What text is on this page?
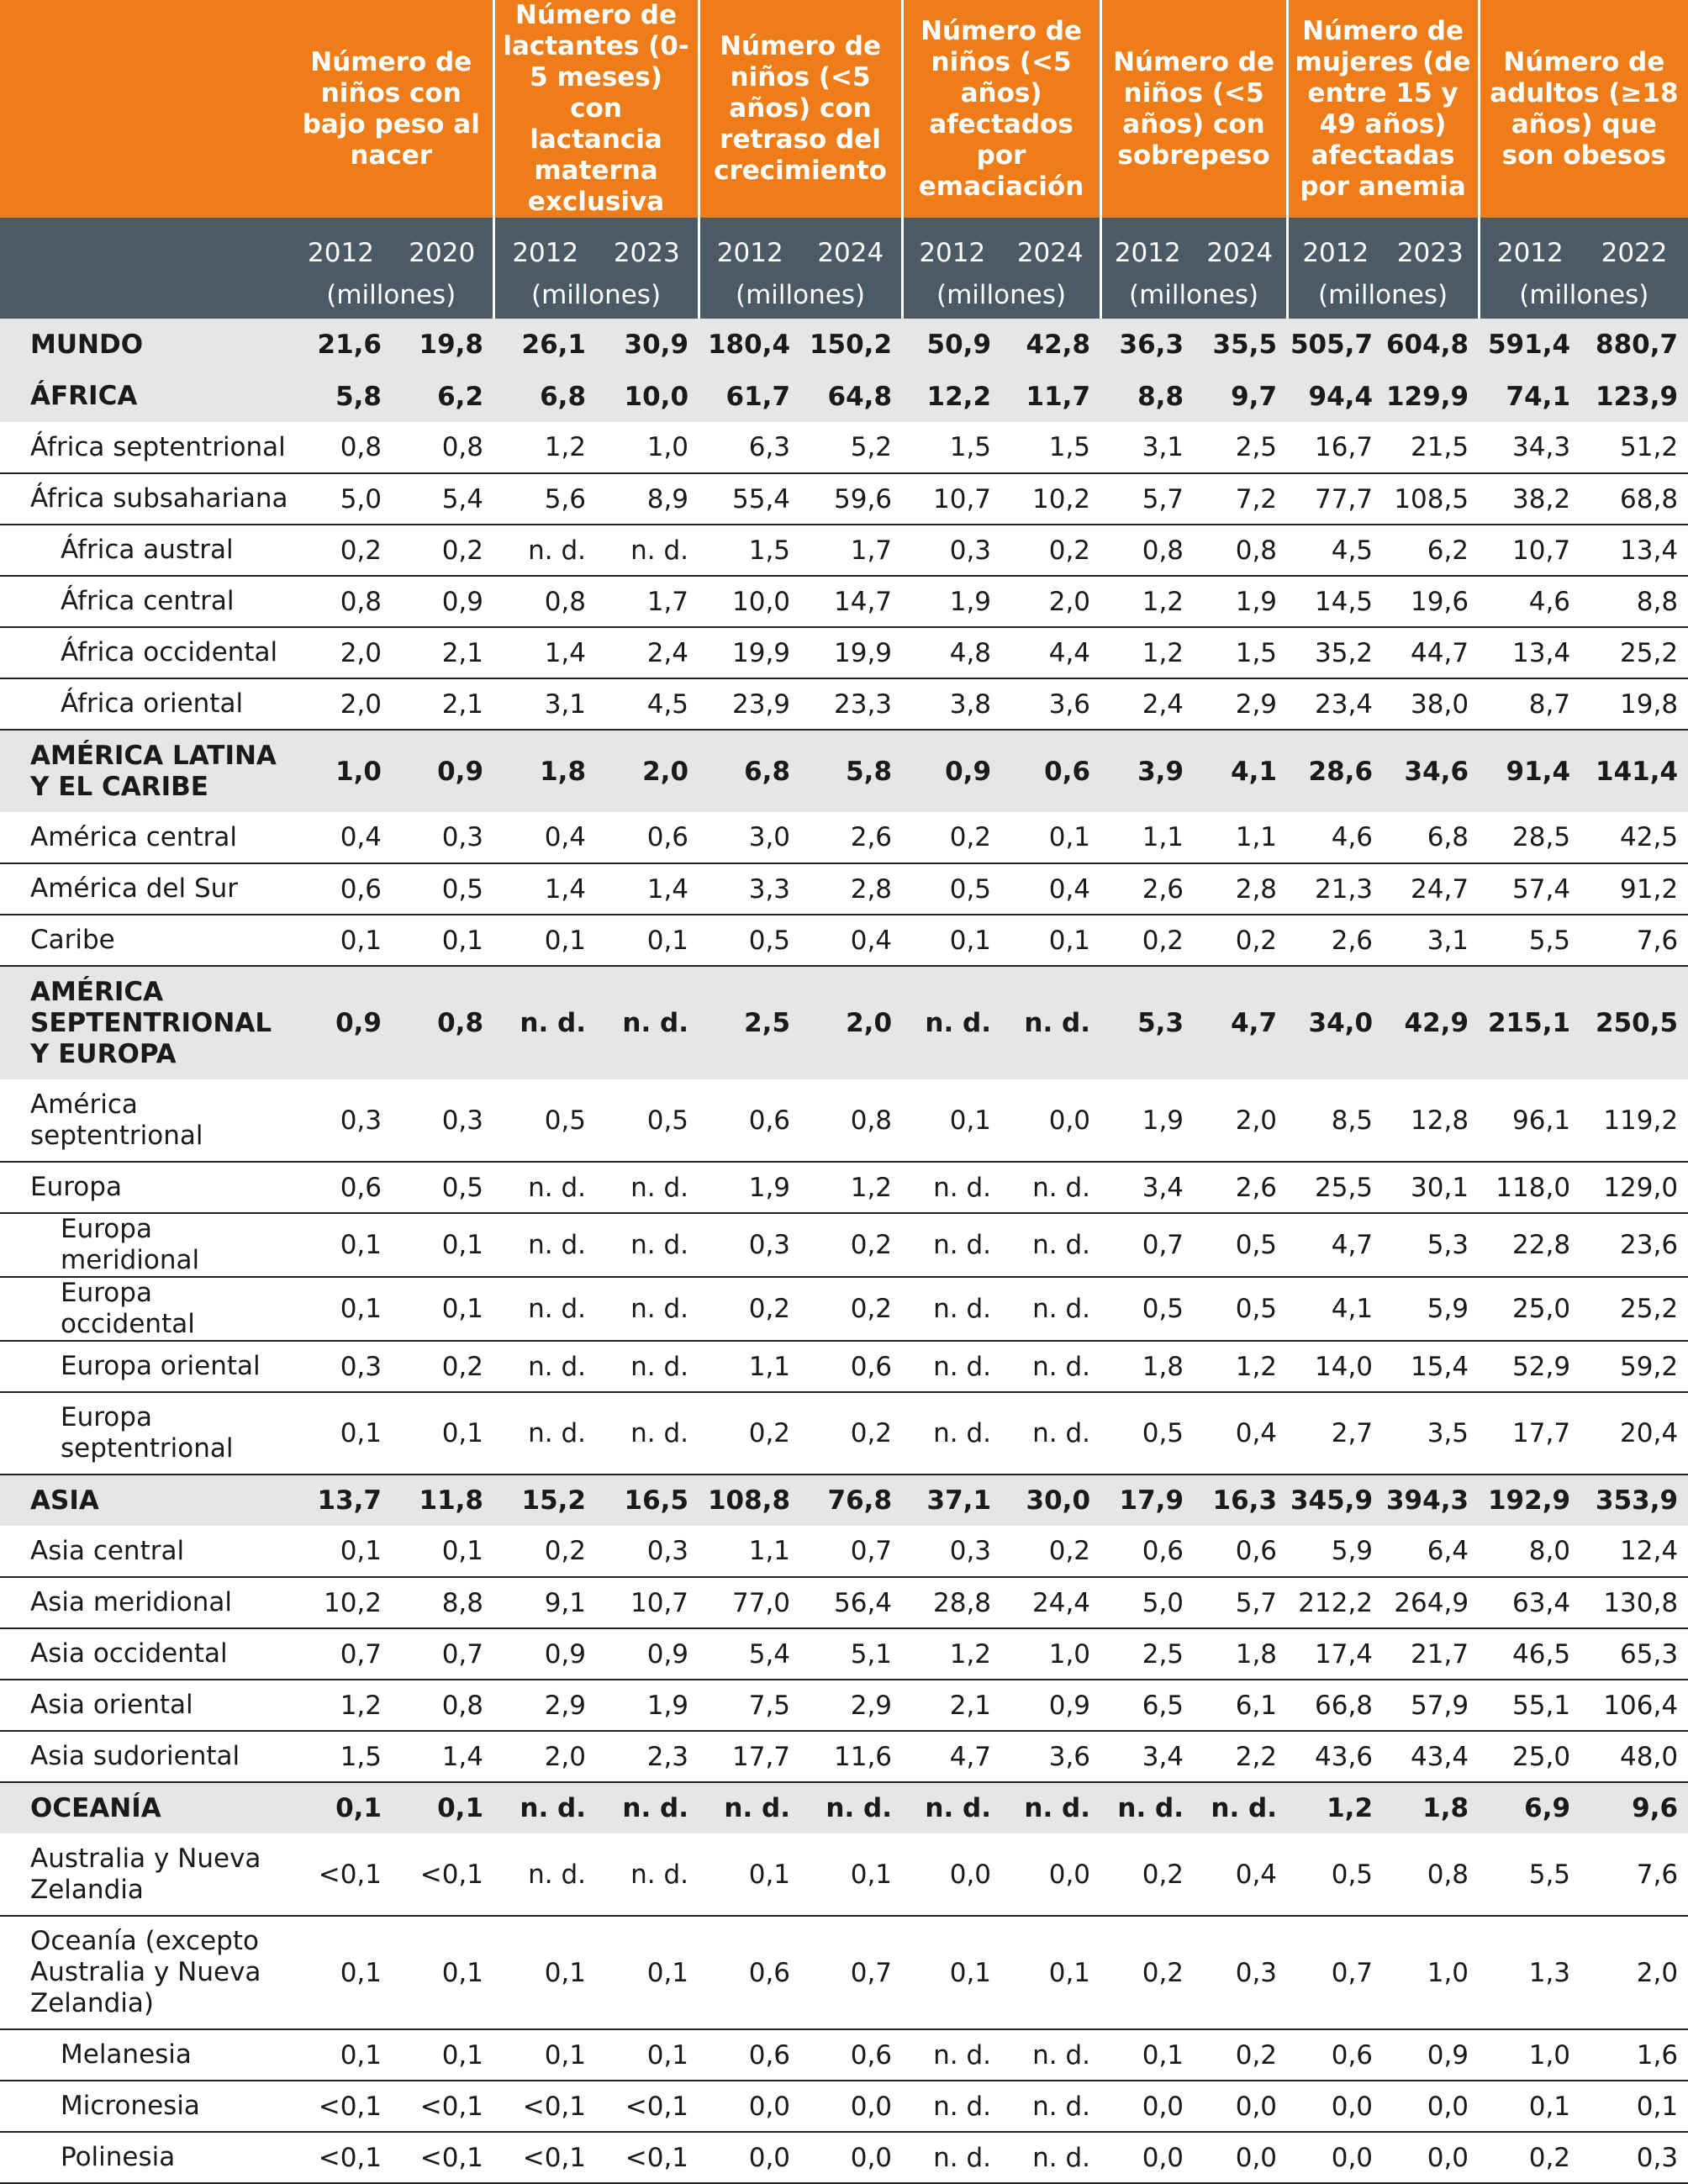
	Número de niños con bajo peso al nacer		Número de lactantes (0-5 meses) con lactancia materna exclusiva		Número de niños (<5 años) con retraso del crecimiento		Número de niños (<5 años) afectados por emaciación		Número de niños (<5 años) con sobrepeso		Número de mujeres (de entre 15 y 49 años) afectadas por anemia		Número de adultos (≥18 años) que son obesos	
	2012	2020	2012	2023	2012	2024	2012	2024	2012	2024	2012	2023	2012	2022
	(millones)		(millones)		(millones)		(millones)		(millones)		(millones)		(millones)	
MUNDO	21,6	19,8	26,1	30,9	180,4	150,2	50,9	42,8	36,3	35,5	505,7	604,8	591,4	880,7
ÁFRICA	5,8	6,2	6,8	10,0	61,7	64,8	12,2	11,7	8,8	9,7	94,4	129,9	74,1	123,9
África septentrional	0,8	0,8	1,2	1,0	6,3	5,2	1,5	1,5	3,1	2,5	16,7	21,5	34,3	51,2
África subsahariana	5,0	5,4	5,6	8,9	55,4	59,6	10,7	10,2	5,7	7,2	77,7	108,5	38,2	68,8
África austral	0,2	0,2	n. d.	n. d.	1,5	1,7	0,3	0,2	0,8	0,8	4,5	6,2	10,7	13,4
África central	0,8	0,9	0,8	1,7	10,0	14,7	1,9	2,0	1,2	1,9	14,5	19,6	4,6	8,8
África occidental	2,0	2,1	1,4	2,4	19,9	19,9	4,8	4,4	1,2	1,5	35,2	44,7	13,4	25,2
África oriental	2,0	2,1	3,1	4,5	23,9	23,3	3,8	3,6	2,4	2,9	23,4	38,0	8,7	19,8
AMÉRICA LATINA
Y EL CARIBE	1,0	0,9	1,8	2,0	6,8	5,8	0,9	0,6	3,9	4,1	28,6	34,6	91,4	141,4
América central	0,4	0,3	0,4	0,6	3,0	2,6	0,2	0,1	1,1	1,1	4,6	6,8	28,5	42,5
América del Sur	0,6	0,5	1,4	1,4	3,3	2,8	0,5	0,4	2,6	2,8	21,3	24,7	57,4	91,2
Caribe	0,1	0,1	0,1	0,1	0,5	0,4	0,1	0,1	0,2	0,2	2,6	3,1	5,5	7,6
AMÉRICA
SEPTENTRIONAL
Y EUROPA	0,9	0,8	n. d.	n. d.	2,5	2,0	n. d.	n. d.	5,3	4,7	34,0	42,9	215,1	250,5
América
septentrional	0,3	0,3	0,5	0,5	0,6	0,8	0,1	0,0	1,9	2,0	8,5	12,8	96,1	119,2
Europa	0,6	0,5	n. d.	n. d.	1,9	1,2	n. d.	n. d.	3,4	2,6	25,5	30,1	118,0	129,0
Europa meridional	0,1	0,1	n. d.	n. d.	0,3	0,2	n. d.	n. d.	0,7	0,5	4,7	5,3	22,8	23,6
Europa occidental	0,1	0,1	n. d.	n. d.	0,2	0,2	n. d.	n. d.	0,5	0,5	4,1	5,9	25,0	25,2
Europa oriental	0,3	0,2	n. d.	n. d.	1,1	0,6	n. d.	n. d.	1,8	1,2	14,0	15,4	52,9	59,2
Europa
septentrional	0,1	0,1	n. d.	n. d.	0,2	0,2	n. d.	n. d.	0,5	0,4	2,7	3,5	17,7	20,4
ASIA	13,7	11,8	15,2	16,5	108,8	76,8	37,1	30,0	17,9	16,3	345,9	394,3	192,9	353,9
Asia central	0,1	0,1	0,2	0,3	1,1	0,7	0,3	0,2	0,6	0,6	5,9	6,4	8,0	12,4
Asia meridional	10,2	8,8	9,1	10,7	77,0	56,4	28,8	24,4	5,0	5,7	212,2	264,9	63,4	130,8
Asia occidental	0,7	0,7	0,9	0,9	5,4	5,1	1,2	1,0	2,5	1,8	17,4	21,7	46,5	65,3
Asia oriental	1,2	0,8	2,9	1,9	7,5	2,9	2,1	0,9	6,5	6,1	66,8	57,9	55,1	106,4
Asia sudoriental	1,5	1,4	2,0	2,3	17,7	11,6	4,7	3,6	3,4	2,2	43,6	43,4	25,0	48,0
OCEANÍA	0,1	0,1	n. d.	n. d.	n. d.	n. d.	n. d.	n. d.	n. d.	n. d.	1,2	1,8	6,9	9,6
Australia y Nueva
Zelandia	<0,1	<0,1	n. d.	n. d.	0,1	0,1	0,0	0,0	0,2	0,4	0,5	0,8	5,5	7,6
Oceanía (excepto
Australia y Nueva
Zelandia)	0,1	0,1	0,1	0,1	0,6	0,7	0,1	0,1	0,2	0,3	0,7	1,0	1,3	2,0
Melanesia	0,1	0,1	0,1	0,1	0,6	0,6	n. d.	n. d.	0,1	0,2	0,6	0,9	1,0	1,6
Micronesia	<0,1	<0,1	<0,1	<0,1	0,0	0,0	n. d.	n. d.	0,0	0,0	0,0	0,0	0,1	0,1
Polinesia	<0,1	<0,1	<0,1	<0,1	0,0	0,0	n. d.	n. d.	0,0	0,0	0,0	0,0	0,2	0,3
